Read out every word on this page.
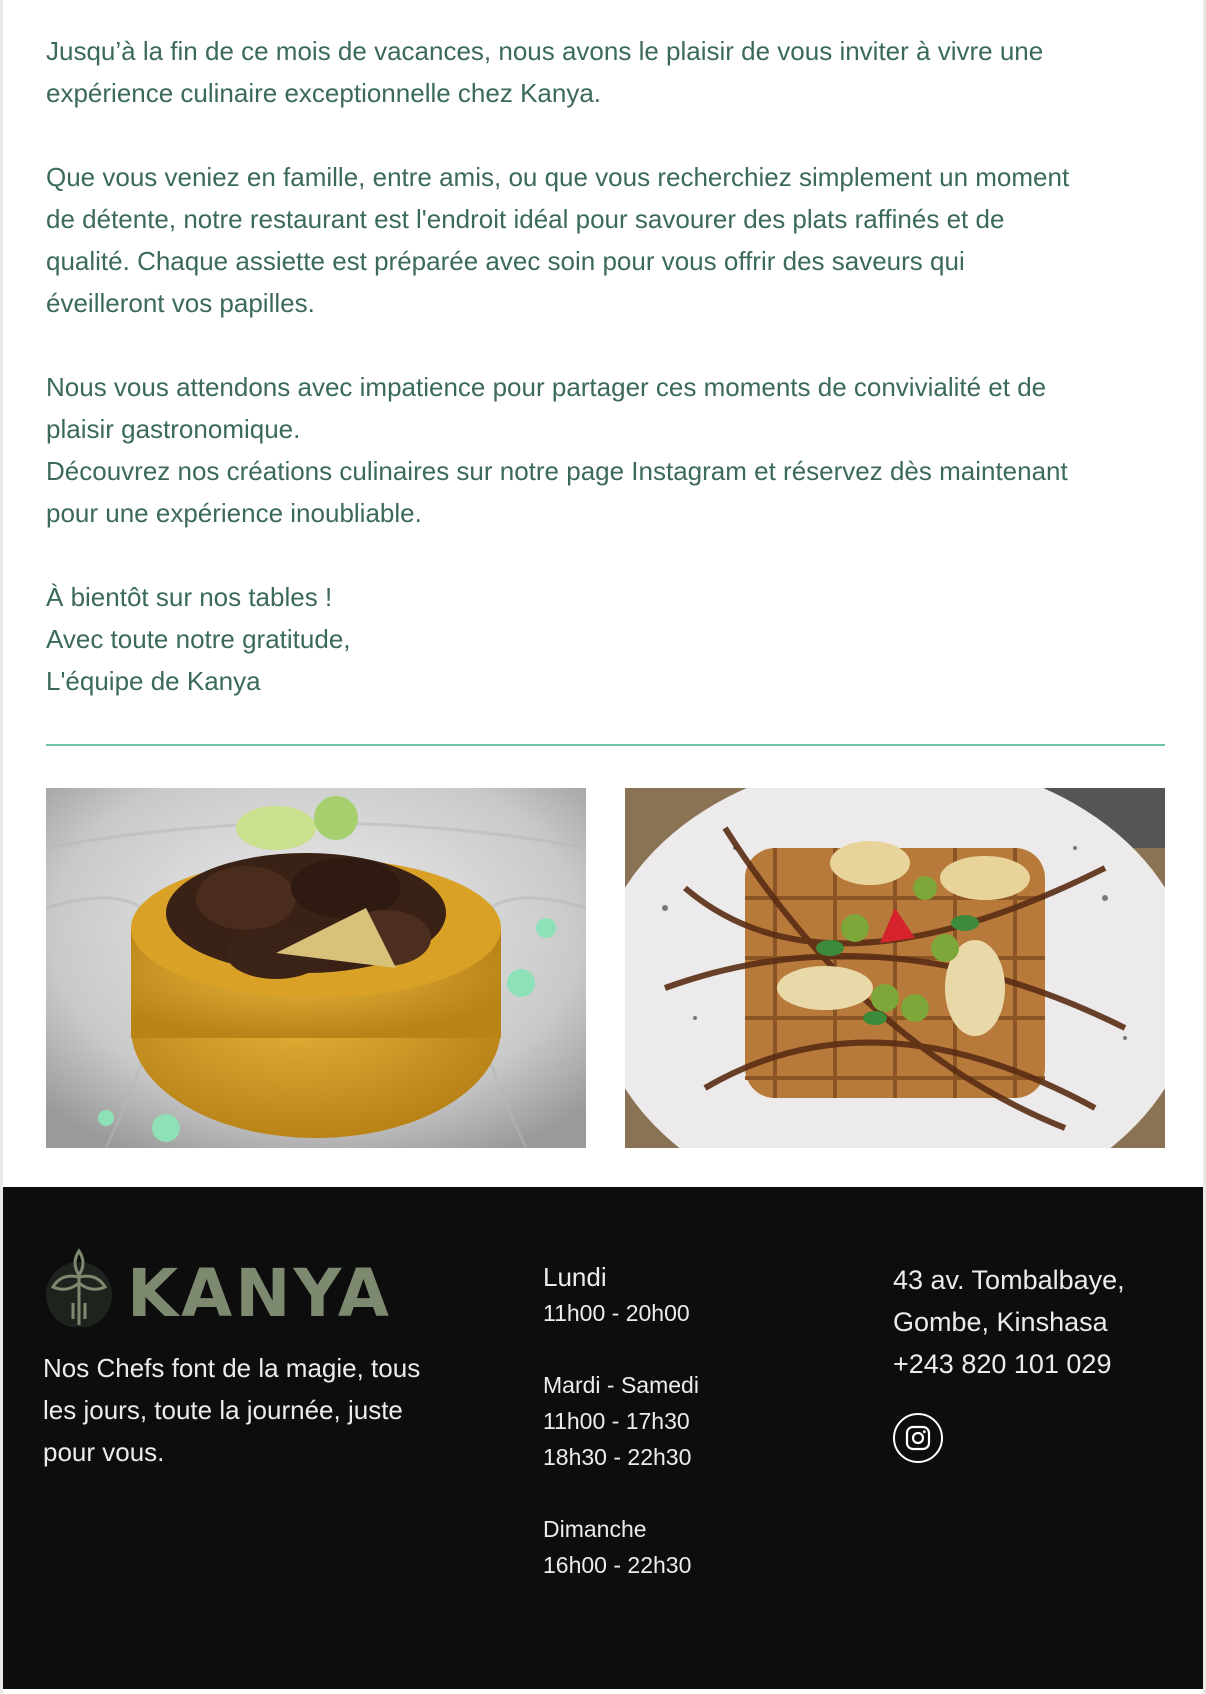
Jusqu’à la fin de ce mois de vacances, nous avons le plaisir de vous inviter à vivre une

expérience culinaire exceptionnelle chez Kanya.

Que vous veniez en famille, entre amis, ou que vous recherchiez simplement un moment

de détente, notre restaurant est l'endroit idéal pour savourer des plats raffinés et de

qualité. Chaque assiette est préparée avec soin pour vous offrir des saveurs qui

éveilleront vos papilles.

Nous vous attendons avec impatience pour partager ces moments de convivialité et de

plaisir gastronomique.

Découvrez nos créations culinaires sur notre page Instagram et réservez dès maintenant

pour une expérience inoubliable.

À bientôt sur nos tables !

Avec toute notre gratitude,

L'équipe de Kanya

KANYA
Nos Chefs font de la magie, tous
les jours, toute la journée, juste
pour vous.
Lundi
11h00 - 20h00
Mardi - Samedi
11h00 - 17h30
18h30 - 22h30
Dimanche
16h00 - 22h30
43 av. Tombalbaye,
Gombe, Kinshasa
+243 820 101 029
